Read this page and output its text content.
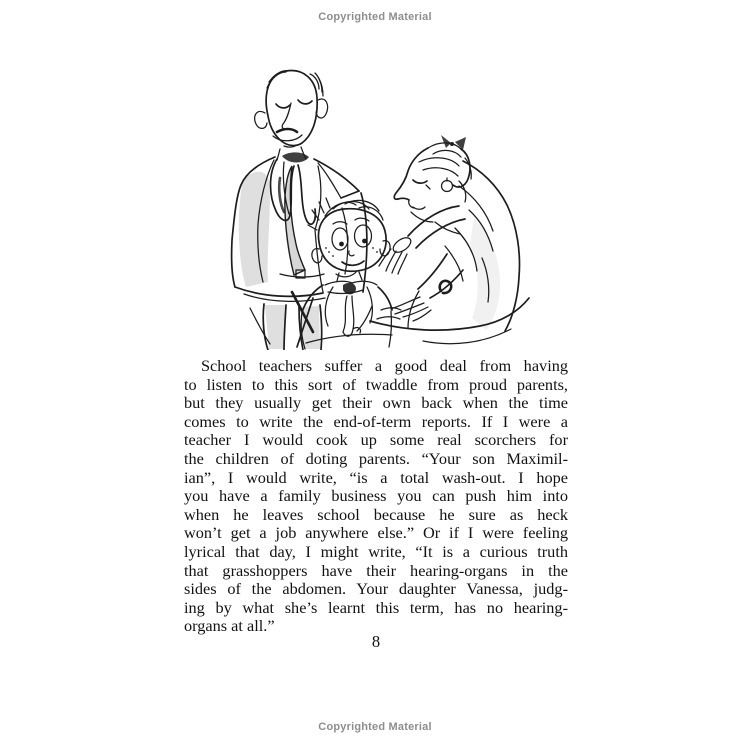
Copyrighted Material
School teachers suffer a good deal from having
to listen to this sort of twaddle from proud parents,
but they usually get their own back when the time
comes to write the end-of-term reports. If I were a
teacher I would cook up some real scorchers for
the children of doting parents. “Your son Maximil-
ian”, I would write, “is a total wash-out. I hope
you have a family business you can push him into
when he leaves school because he sure as heck
won’t get a job anywhere else.” Or if I were feeling
lyrical that day, I might write, “It is a curious truth
that grasshoppers have their hearing-organs in the
sides of the abdomen. Your daughter Vanessa, judg-
ing by what she’s learnt this term, has no hearing-
organs at all.”
8
Copyrighted Material
